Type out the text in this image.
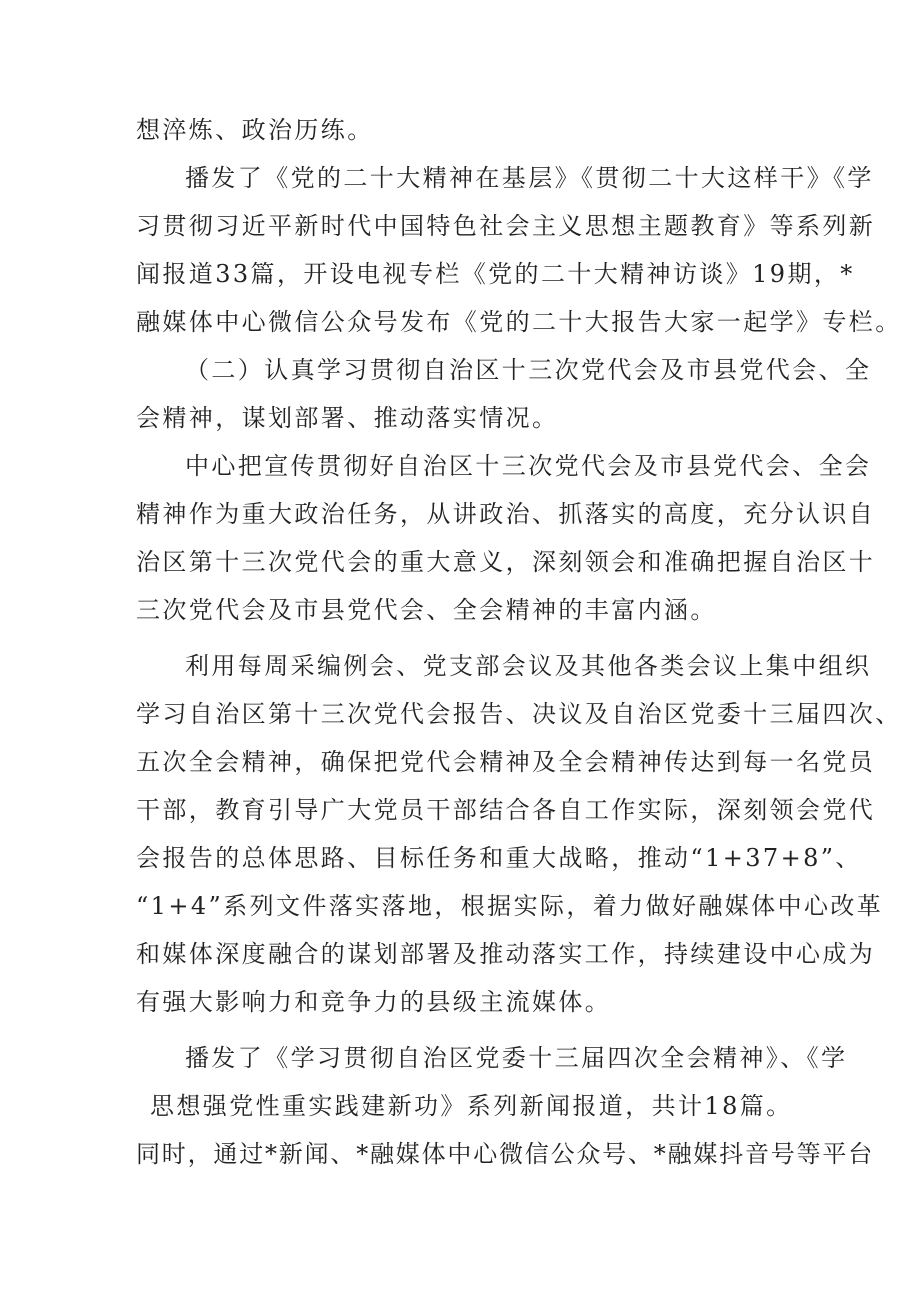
想淬炼、政治历练。
播发了《党的二十大精神在基层》《贯彻二十大这样干》《学
习贯彻习近平新时代中国特色社会主义思想主题教育》等系列新
闻报道33篇，开设电视专栏《党的二十大精神访谈》19期，*
融媒体中心微信公众号发布《党的二十大报告大家一起学》专栏。
（二）认真学习贯彻自治区十三次党代会及市县党代会、全
会精神，谋划部署、推动落实情况。
中心把宣传贯彻好自治区十三次党代会及市县党代会、全会
精神作为重大政治任务，从讲政治、抓落实的高度，充分认识自
治区第十三次党代会的重大意义，深刻领会和准确把握自治区十
三次党代会及市县党代会、全会精神的丰富内涵。
利用每周采编例会、党支部会议及其他各类会议上集中组织
学习自治区第十三次党代会报告、决议及自治区党委十三届四次、
五次全会精神，确保把党代会精神及全会精神传达到每一名党员
干部，教育引导广大党员干部结合各自工作实际，深刻领会党代
会报告的总体思路、目标任务和重大战略，推动“1+37+8”、
“1+4”系列文件落实落地，根据实际，着力做好融媒体中心改革
和媒体深度融合的谋划部署及推动落实工作，持续建设中心成为
有强大影响力和竞争力的县级主流媒体。
播发了《学习贯彻自治区党委十三届四次全会精神》、《学
思想强党性重实践建新功》系列新闻报道，共计18篇。
同时，通过*新闻、*融媒体中心微信公众号、*融媒抖音号等平台
